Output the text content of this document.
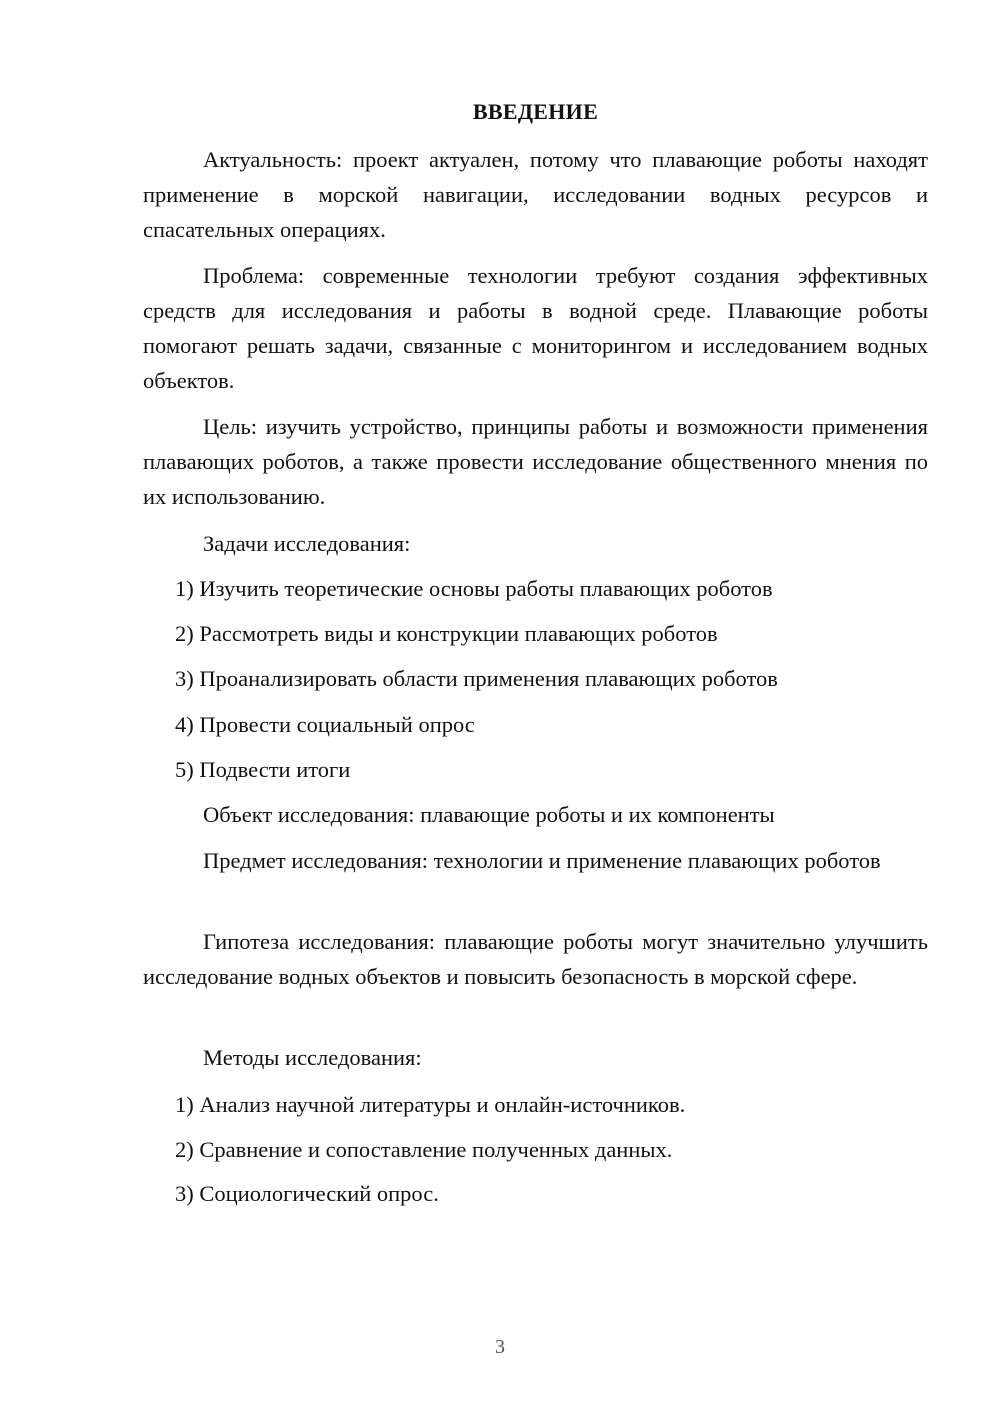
ВВЕДЕНИЕ

Актуальность: проект актуален, потому что плавающие роботы находят применение в морской навигации, исследовании водных ресурсов и спасательных операциях.

Проблема: современные технологии требуют создания эффективных средств для исследования и работы в водной среде. Плавающие роботы помогают решать задачи, связанные с мониторингом и исследованием водных объектов.

Цель: изучить устройство, принципы работы и возможности применения плавающих роботов, а также провести исследование общественного мнения по их использованию.

Задачи исследования:

1) Изучить теоретические основы работы плавающих роботов

2) Рассмотреть виды и конструкции плавающих роботов

3) Проанализировать области применения плавающих роботов

4) Провести социальный опрос

5) Подвести итоги

Объект исследования: плавающие роботы и их компоненты

Предмет исследования: технологии и применение плавающих роботов

Гипотеза исследования: плавающие роботы могут значительно улучшить исследование водных объектов и повысить безопасность в морской сфере.

Методы исследования:

1) Анализ научной литературы и онлайн-источников.

2) Сравнение и сопоставление полученных данных.

3) Социологический опрос.

3
